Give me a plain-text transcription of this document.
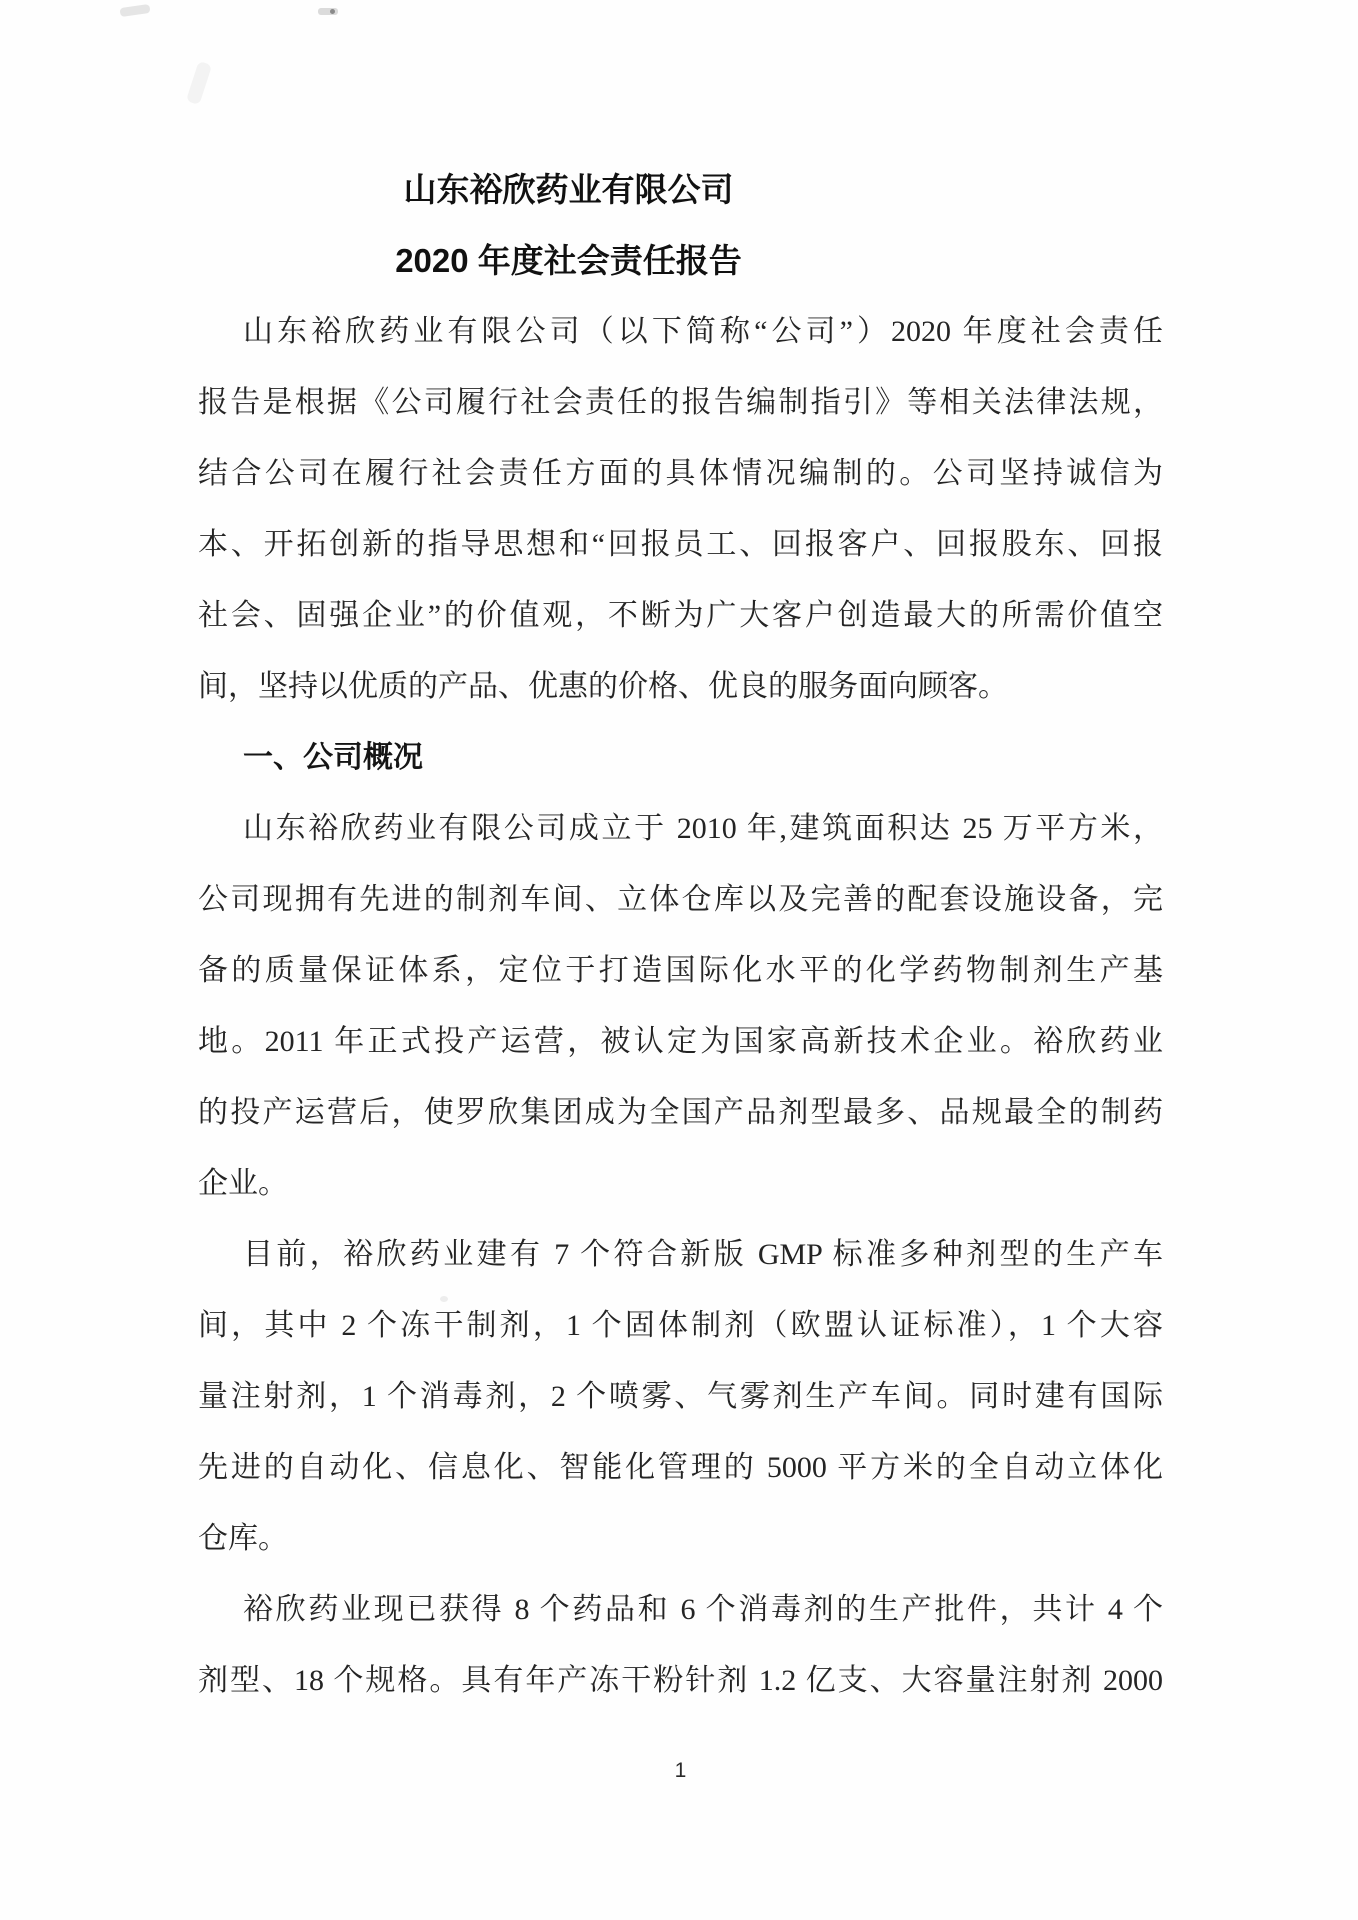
山东裕欣药业有限公司
2020 年度社会责任报告
山东裕欣药业有限公司（以下简称“公司”）2020 年度社会责任
报告是根据《公司履行社会责任的报告编制指引》等相关法律法规，
结合公司在履行社会责任方面的具体情况编制的。公司坚持诚信为
本、开拓创新的指导思想和“回报员工、回报客户、回报股东、回报
社会、固强企业”的价值观，不断为广大客户创造最大的所需价值空
间，坚持以优质的产品、优惠的价格、优良的服务面向顾客。
一、公司概况
山东裕欣药业有限公司成立于 2010 年,建筑面积达 25 万平方米，
公司现拥有先进的制剂车间、立体仓库以及完善的配套设施设备，完
备的质量保证体系，定位于打造国际化水平的化学药物制剂生产基
地。2011 年正式投产运营，被认定为国家高新技术企业。裕欣药业
的投产运营后，使罗欣集团成为全国产品剂型最多、品规最全的制药
企业。
目前，裕欣药业建有 7 个符合新版 GMP 标准多种剂型的生产车
间，其中 2 个冻干制剂，1 个固体制剂（欧盟认证标准），1 个大容
量注射剂，1 个消毒剂，2 个喷雾、气雾剂生产车间。同时建有国际
先进的自动化、信息化、智能化管理的 5000 平方米的全自动立体化
仓库。
裕欣药业现已获得 8 个药品和 6 个消毒剂的生产批件，共计 4 个
剂型、18 个规格。具有年产冻干粉针剂 1.2 亿支、大容量注射剂 2000
1
